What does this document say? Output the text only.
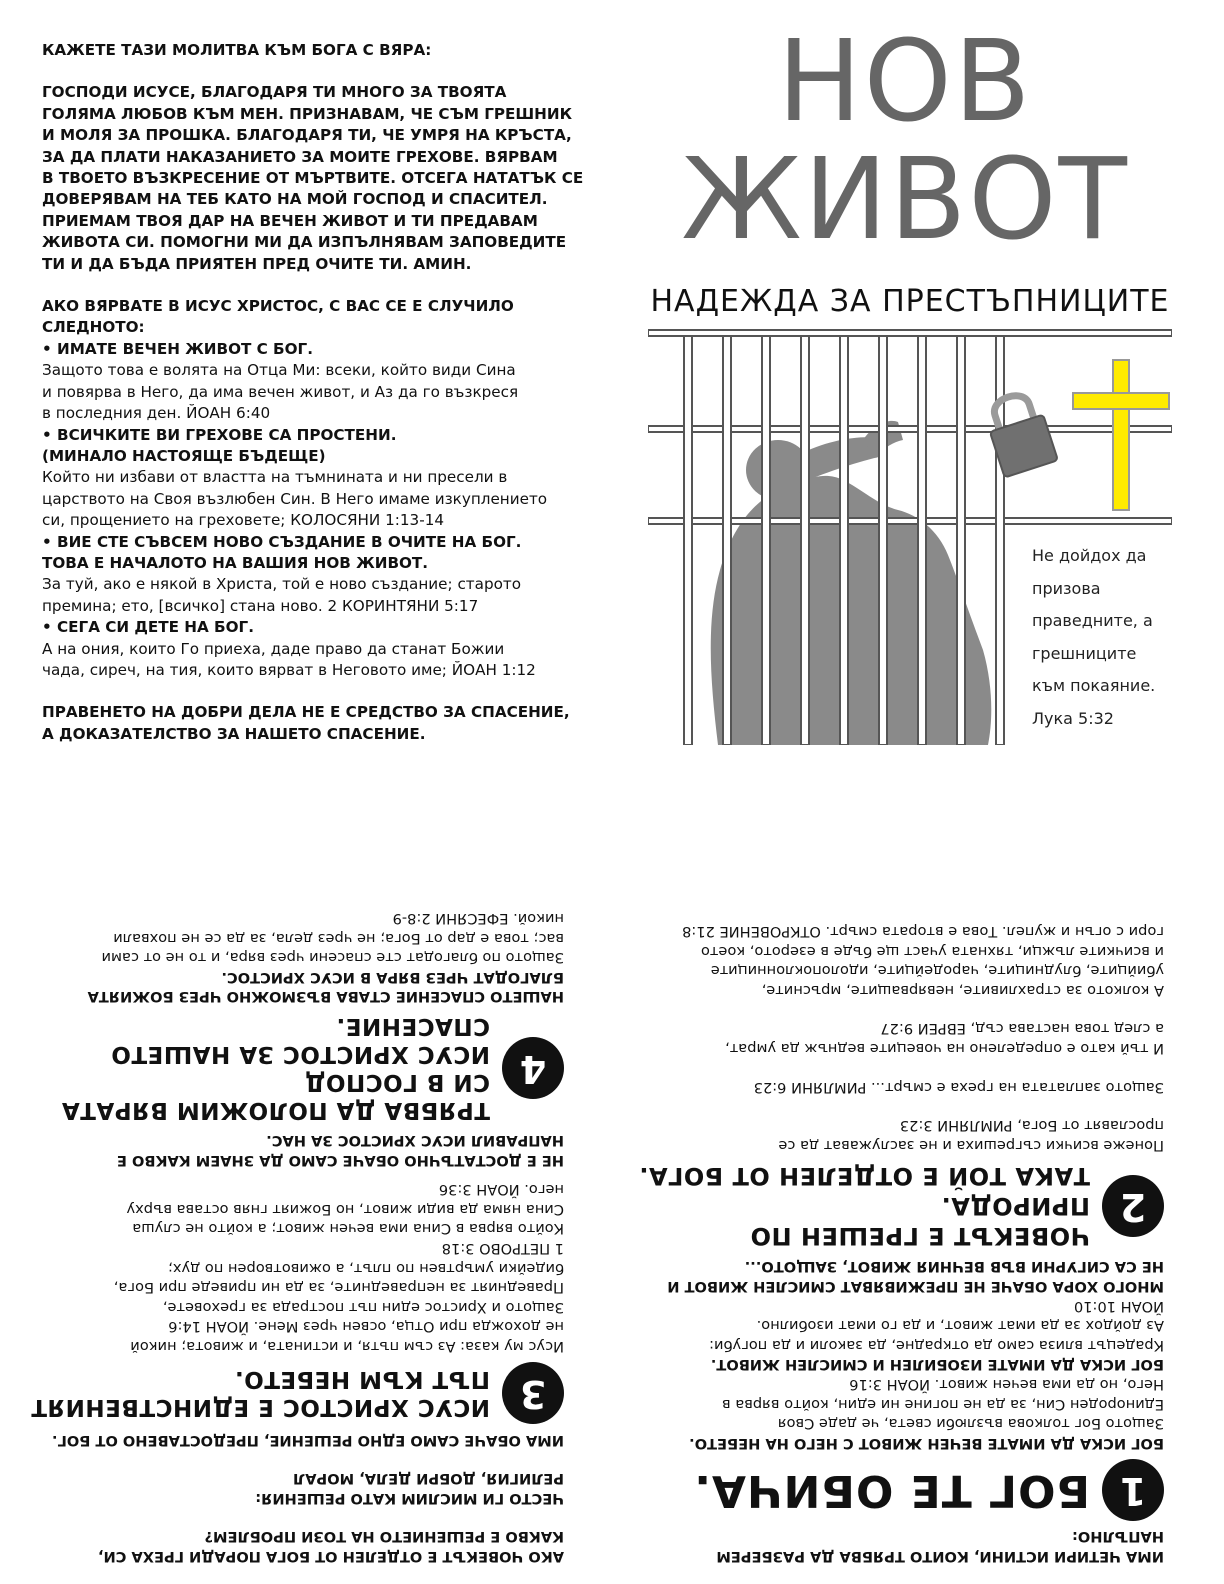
КАЖЕТЕ ТАЗИ МОЛИТВА КЪМ БОГА С ВЯРА:

ГОСПОДИ ИСУСЕ, БЛАГОДАРЯ ТИ МНОГО ЗА ТВОЯТА

ГОЛЯМА ЛЮБОВ КЪМ МЕН. ПРИЗНАВАМ, ЧЕ СЪМ ГРЕШНИК

И МОЛЯ ЗА ПРОШКА. БЛАГОДАРЯ ТИ, ЧЕ УМРЯ НА КРЪСТА,

ЗА ДА ПЛАТИ НАКАЗАНИЕТО ЗА МОИТЕ ГРЕХОВЕ. ВЯРВАМ

В ТВОЕТО ВЪЗКРЕСЕНИЕ ОТ МЪРТВИТЕ. ОТСЕГА НАТАТЪК СЕ

ДОВЕРЯВАМ НА ТЕБ КАТО НА МОЙ ГОСПОД И СПАСИТЕЛ.

ПРИЕМАМ ТВОЯ ДАР НА ВЕЧЕН ЖИВОТ И ТИ ПРЕДАВАМ

ЖИВОТА СИ. ПОМОГНИ МИ ДА ИЗПЪЛНЯВАМ ЗАПОВЕДИТЕ

ТИ И ДА БЪДА ПРИЯТЕН ПРЕД ОЧИТЕ ТИ. АМИН.

АКО ВЯРВАТЕ В ИСУС ХРИСТОС, С ВАС СЕ Е СЛУЧИЛО

СЛЕДНОТО:

• ИМАТЕ ВЕЧЕН ЖИВОТ С БОГ.

Защото това е волята на Отца Ми: всеки, който види Сина

и повярва в Него, да има вечен живот, и Аз да го възкреся

в последния ден. ЙОАН 6:40

• ВСИЧКИТЕ ВИ ГРЕХОВЕ СА ПРОСТЕНИ.

(МИНАЛО НАСТОЯЩЕ БЪДЕЩЕ)

Който ни избави от властта на тъмнината и ни пресели в

царството на Своя възлюбен Син. В Него имаме изкуплението

си, прощението на греховете; КОЛОСЯНИ 1:13-14

• ВИЕ СТЕ СЪВСЕМ НОВО СЪЗДАНИЕ В ОЧИТЕ НА БОГ.

ТОВА Е НАЧАЛОТО НА ВАШИЯ НОВ ЖИВОТ.

За туй, ако е някой в Христа, той е ново създание; старото

премина; ето, [всичко] стана ново. 2 КОРИНТЯНИ 5:17

• СЕГА СИ ДЕТЕ НА БОГ.

А на ония, които Го приеха, даде право да станат Божии

чада, сиреч, на тия, които вярват в Неговото име; ЙОАН 1:12

ПРАВЕНЕТО НА ДОБРИ ДЕЛА НЕ Е СРЕДСТВО ЗА СПАСЕНИЕ,

А ДОКАЗАТЕЛСТВО ЗА НАШЕТО СПАСЕНИЕ.

НОВ
ЖИВОТ
НАДЕЖДА ЗА ПРЕСТЪПНИЦИТЕ

Не дойдох да

призова

праведните, а

грешниците

към покаяние.

Лука 5:32

ИМА ЧЕТИРИ ИСТИНИ, КОИТО ТРЯБВА ДА РАЗБЕРЕМ

НАПЪЛНО:

1
БОГ ТЕ ОБИЧА.

БОГ ИСКА ДА ИМАТЕ ВЕЧЕН ЖИВОТ С НЕГО НА НЕБЕТО.

Защото Бог толкова възлюби света, че даде Своя

Единороден Син, за да не погине ни един, който вярва в

Него, но да има вечен живот. ЙОАН 3:16

БОГ ИСКА ДА ИМАТЕ ИЗОБИЛЕН И СМИСЛЕН ЖИВОТ.

Крадецът влиза само да открадне, да заколи и да погуби:

Аз дойдох за да имат живот, и да го имат изобилно.

ЙОАН 10:10

МНОГО ХОРА ОБАЧЕ НЕ ПРЕЖИВЯВАТ СМИСЛЕН ЖИВОТ И

НЕ СА СИГУРНИ ВЪВ ВЕЧНИЯ ЖИВОТ, ЗАЩОТО...

2
ЧОВЕКЪТ Е ГРЕШЕН ПО ПРИРОДА.
ТАКА ТОЙ Е ОТДЕЛЕН ОТ БОГА.

Понеже всички съгрешиха и не заслужават да се

прославят от Бога, РИМЛЯНИ 3:23

Защото заплатата на греха е смърт... РИМЛЯНИ 6:23

И тъй като е определено на човеците веднъж да умрат,

а след това настава съд, ЕВРЕИ 9:27

А колкото за страхливите, невярващите, мръсните,

убийците, блудниците, чародейците, идолопоклонниците

и всичките лъжци, тяхната участ ще бъде в езерото, което

гори с огън и жупел. Това е втората смърт. ОТКРОВЕНИЕ 21:8

АКО ЧОВЕКЪТ Е ОТДЕЛЕН ОТ БОГА ПОРАДИ ГРЕХА СИ,

КАКВО Е РЕШЕНИЕТО НА ТОЗИ ПРОБЛЕМ?

ЧЕСТО ГИ МИСЛИМ КАТО РЕШЕНИЯ:

РЕЛИГИЯ, ДОБРИ ДЕЛА, МОРАЛ

ИМА ОБАЧЕ САМО ЕДНО РЕШЕНИЕ, ПРЕДОСТАВЕНО ОТ БОГ.

3
ИСУС ХРИСТОС Е ЕДИНСТВЕНИЯТ
ПЪТ КЪМ НЕБЕТО.

Исус му каза: Аз съм пътя, и истината, и живота; никой

не дохожда при Отца, освен чрез Мене. ЙОАН 14:6

Защото и Христос един път пострада за греховете,

Праведният за неправедните, за да ни приведе при Бога,

бидейки умъртвен по плът, а оживотворен по дух;

1 ПЕТРОВО 3:18

Който вярва в Сина има вечен живот; а който не слуша

Сина няма да види живот, но Божият гняв остава върху

него. ЙОАН 3:36

НЕ Е ДОСТАТЪЧНО ОБАЧЕ САМО ДА ЗНАЕМ КАКВО Е

НАПРАВИЛ ИСУС ХРИСТОС ЗА НАС.

4
ТРЯБВА ДА ПОЛОЖИМ ВЯРАТА СИ В ГОСПОД
ИСУС ХРИСТОС ЗА НАШЕТО СПАСЕНИЕ.

НАШЕТО СПАСЕНИЕ СТАВА ВЪЗМОЖНО ЧРЕЗ БОЖИЯТА

БЛАГОДАТ ЧРЕЗ ВЯРА В ИСУС ХРИСТОС.

Защото по благодат сте спасени чрез вяра, и то не от сами

вас; това е дар от Бога; не чрез дела, за да се не похвали

никой. ЕФЕСЯНИ 2:8-9
